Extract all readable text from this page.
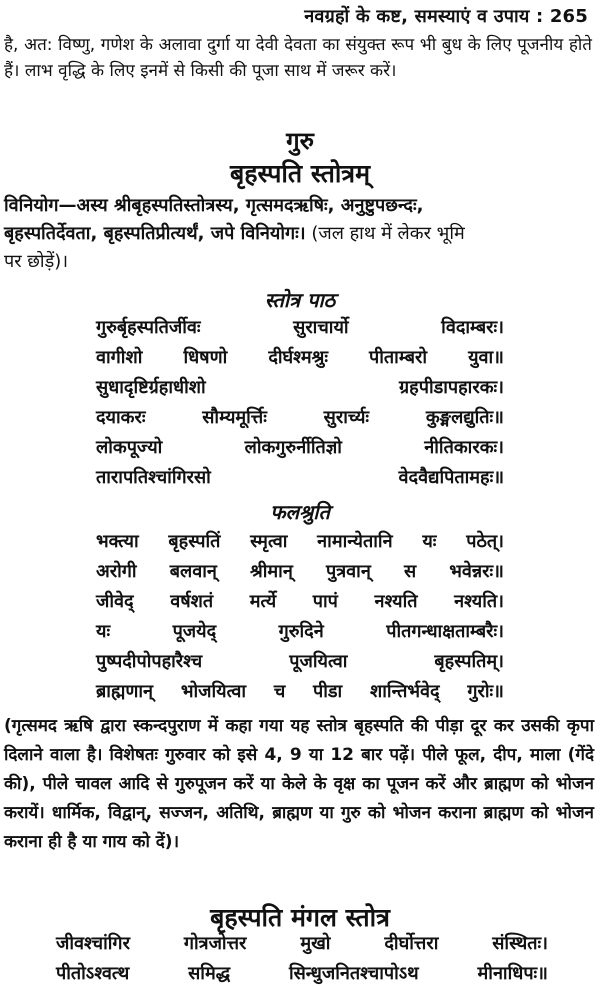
नवग्रहों के कष्ट, समस्याएं व उपाय : 265
है, अत: विष्णु, गणेश के अलावा दुर्गा या देवी देवता का संयुक्त रूप भी बुध के लिए पूजनीय होते हैं। लाभ वृद्धि के लिए इनमें से किसी की पूजा साथ में जरूर करें।
गुरु
बृहस्पति स्तोत्रम्
विनियोग—अस्य श्रीबृहस्पतिस्तोत्रस्य, गृत्समदऋषिः, अनुष्टुपछन्दः,
बृहस्पतिर्देवता, बृहस्पतिप्रीत्यर्थं, जपे विनियोगः। (जल हाथ में लेकर भूमि
पर छोड़ें)।
स्तोत्र पाठ
गुरुर्बृहस्पतिर्जीवः	सुराचार्यो	विदाम्बरः।
वागीशो धिषणो दीर्घश्मश्रुः पीताम्बरो युवा॥
सुधादृष्टिर्ग्रहाधीशो	ग्रहपीडापहारकः।
दयाकरः	सौम्यमूर्त्तिः	सुरार्च्यः	कुङ्मलद्युतिः॥
लोकपूज्यो	लोकगुरुर्नीतिज्ञो	नीतिकारकः।
तारापतिश्चांगिरसो	वेदवैद्यपितामहः॥
फलश्रुति
भक्त्या बृहस्पतिं स्मृत्वा नामान्येतानि यः पठेत्।
अरोगी बलवान् श्रीमान् पुत्रवान् स भवेन्नरः॥
जीवेद् वर्षशतं मर्त्ये पापं नश्यति नश्यति।
यः	पूजयेद्	गुरुदिने	पीतगन्धाक्षताम्बरैः।
पुष्पदीपोपहारैश्च	पूजयित्वा	बृहस्पतिम्।
ब्राह्मणान् भोजयित्वा च पीडा शान्तिर्भवेद् गुरोः॥
(गृत्समद ऋषि द्वारा स्कन्दपुराण में कहा गया यह स्तोत्र बृहस्पति की पीड़ा दूर कर उसकी कृपा दिलाने वाला है। विशेषतः गुरुवार को इसे 4, 9 या 12 बार पढ़ें। पीले फूल, दीप, माला (गेंदे की), पीले चावल आदि से गुरुपूजन करें या केले के वृक्ष का पूजन करें और ब्राह्मण को भोजन करायें। धार्मिक, विद्वान्, सज्जन, अतिथि, ब्राह्मण या गुरु को भोजन कराना ब्राह्मण को भोजन कराना ही है या गाय को दें)।
बृहस्पति मंगल स्तोत्र
जीवश्चांगिर	गोत्रजोत्तर	मुखो	दीर्घोत्तरा	संस्थितः।
पीतोऽश्वत्थ	समिद्ध	सिन्धुजनितश्चापोऽथ	मीनाधिपः॥
